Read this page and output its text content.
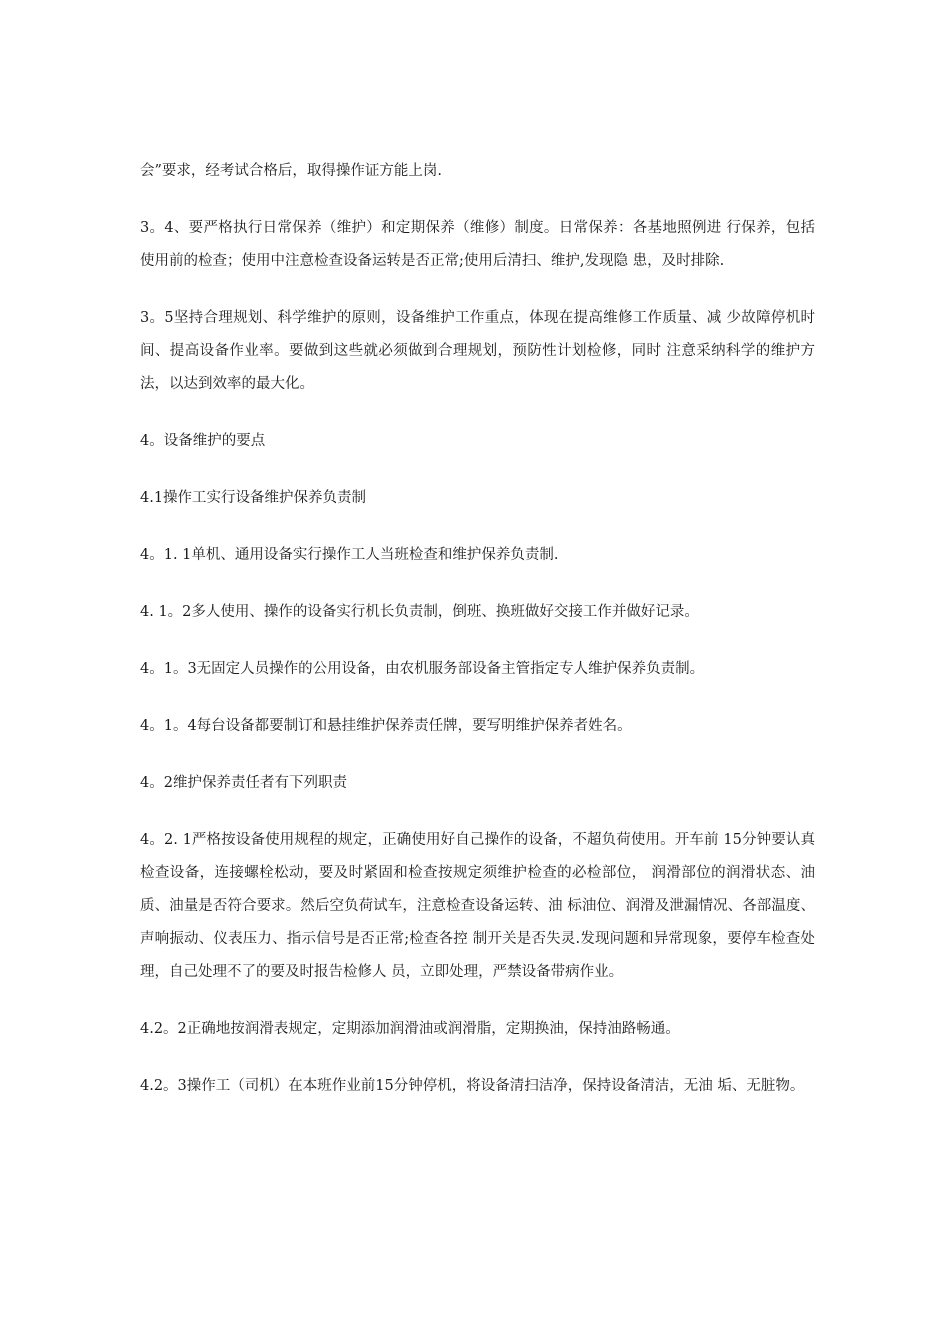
会”要求，经考试合格后，取得操作证方能上岗.

3。4、要严格执行日常保养（维护）和定期保养（维修）制度。日常保养：各基地照例进 行保养，包括使用前的检查；使用中注意检查设备运转是否正常;使用后清扫、维护,发现隐 患，及时排除.

3。5坚持合理规划、科学维护的原则，设备维护工作重点，体现在提高维修工作质量、减 少故障停机时间、提高设备作业率。要做到这些就必须做到合理规划，预防性计划检修，同时 注意采纳科学的维护方法，以达到效率的最大化。

4。设备维护的要点

4.1操作工实行设备维护保养负责制

4。1. 1单机、通用设备实行操作工人当班检查和维护保养负责制.

4. 1。2多人使用、操作的设备实行机长负责制，倒班、换班做好交接工作并做好记录。

4。1。3无固定人员操作的公用设备，由农机服务部设备主管指定专人维护保养负责制。

4。1。4每台设备都要制订和悬挂维护保养责任牌，要写明维护保养者姓名。

4。2维护保养责任者有下列职责

4。2. 1严格按设备使用规程的规定，正确使用好自己操作的设备，不超负荷使用。开车前 15分钟要认真检查设备，连接螺栓松动，要及时紧固和检查按规定须维护检查的必检部位， 润滑部位的润滑状态、油质、油量是否符合要求。然后空负荷试车，注意检查设备运转、油 标油位、润滑及泄漏情况、各部温度、声响振动、仪表压力、指示信号是否正常;检查各控 制开关是否失灵.发现问题和异常现象，要停车检查处理，自己处理不了的要及时报告检修人 员，立即处理，严禁设备带病作业。

4.2。2正确地按润滑表规定，定期添加润滑油或润滑脂，定期换油，保持油路畅通。

4.2。3操作工（司机）在本班作业前15分钟停机，将设备清扫洁净，保持设备清洁，无油 垢、无脏物。
